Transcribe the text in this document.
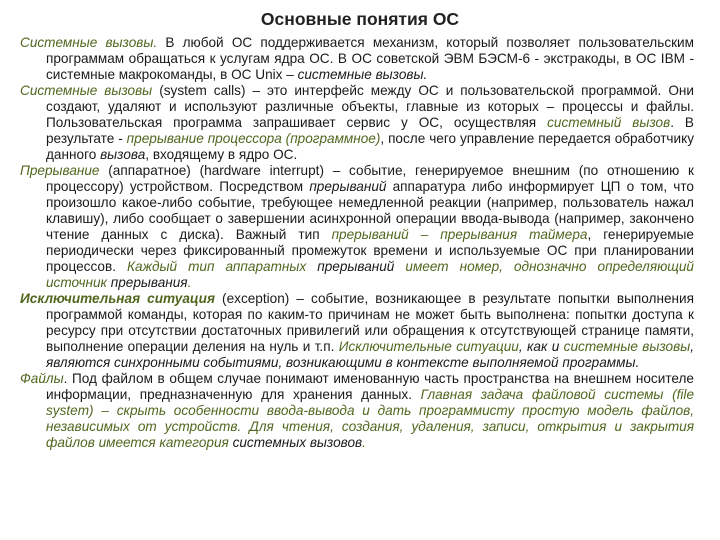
Основные понятия ОС

Системные вызовы. В любой ОС поддерживается механизм, который позволяет пользовательским программам обращаться к услугам ядра ОС. В ОС советской ЭВМ БЭСМ-6 - экстракоды, в ОС IBM - системные макрокоманды, в ОС Unix – системные вызовы.

Системные вызовы (system calls) – это интерфейс между ОС и пользовательской программой. Они создают, удаляют и используют различные объекты, главные из которых – процессы и файлы. Пользовательская программа запрашивает сервис у ОС, осуществляя системный вызов. В результате - прерывание процессора (программное), после чего управление передается обработчику данного вызова, входящему в ядро ОС.

Прерывание (аппаратное) (hardware interrupt) – событие, генерируемое внешним (по отношению к процессору) устройством. Посредством прерываний аппаратура либо информирует ЦП о том, что произошло какое-либо событие, требующее немедленной реакции (например, пользователь нажал клавишу), либо сообщает о завершении асинхронной операции ввода-вывода (например, закончено чтение данных с диска). Важный тип прерываний – прерывания таймера, генерируемые периодически через фиксированный промежуток времени и используемые ОС при планировании процессов. Каждый тип аппаратных прерываний имеет номер, однозначно определяющий источник прерывания.

Исключительная ситуация (exception) – событие, возникающее в результате попытки выполнения программой команды, которая по каким-то причинам не может быть выполнена: попытки доступа к ресурсу при отсутствии достаточных привилегий или обращения к отсутствующей странице памяти, выполнение операции деления на нуль и т.п. Исключительные ситуации, как и системные вызовы, являются синхронными событиями, возникающими в контексте выполняемой программы.

Файлы. Под файлом в общем случае понимают именованную часть пространства на внешнем носителе информации, предназначенную для хранения данных. Главная задача файловой системы (file system) – скрыть особенности ввода-вывода и дать программисту простую модель файлов, независимых от устройств. Для чтения, создания, удаления, записи, открытия и закрытия файлов имеется категория системных вызовов.
